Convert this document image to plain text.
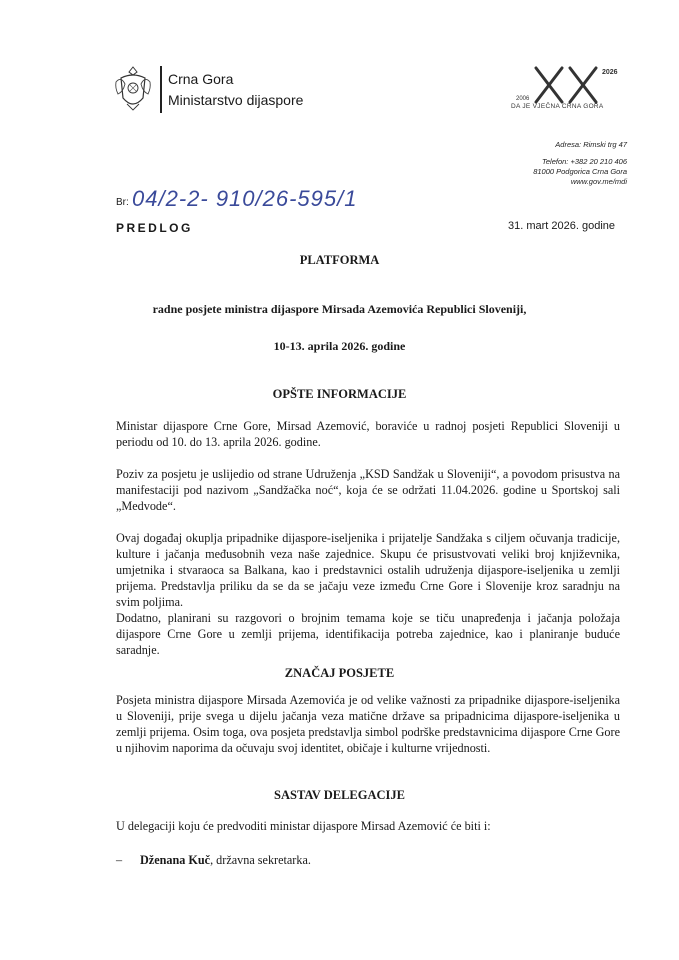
Crna Gora
Ministarstvo dijaspore
2026
2006
DA JE VJEČNA CRNA GORA
Adresa: Rimski trg 47
Telefon: +382 20 210 406
81000 Podgorica Crna Gora
www.gov.me/mdi
Br: 04/2-2- 910/26-595/1
PREDLOG	31. mart 2026. godine
PLATFORMA
radne posjete ministra dijaspore Mirsada Azemovića Republici Sloveniji,
10-13. aprila 2026. godine
OPŠTE INFORMACIJE
Ministar dijaspore Crne Gore, Mirsad Azemović, boraviće u radnoj posjeti Republici Sloveniji u periodu od 10. do 13. aprila 2026. godine.
Poziv za posjetu je uslijedio od strane Udruženja „KSD Sandžak u Sloveniji“, a povodom prisustva na manifestaciji pod nazivom „Sandžačka noć“, koja će se održati 11.04.2026. godine u Sportskoj sali „Medvode“.
Ovaj događaj okuplja pripadnike dijaspore-iseljenika i prijatelje Sandžaka s ciljem očuvanja tradicije, kulture i jačanja međusobnih veza naše zajednice. Skupu će prisustvovati veliki broj književnika, umjetnika i stvaraoca sa Balkana, kao i predstavnici ostalih udruženja dijaspore-iseljenika u zemlji prijema. Predstavlja priliku da se da se jačaju veze između Crne Gore i Slovenije kroz saradnju na svim poljima.
Dodatno, planirani su razgovori o brojnim temama koje se tiču unapređenja i jačanja položaja dijaspore Crne Gore u zemlji prijema, identifikacija potreba zajednice, kao i planiranje buduće saradnje.
ZNAČAJ POSJETE
Posjeta ministra dijaspore Mirsada Azemovića je od velike važnosti za pripadnike dijaspore-iseljenika u Sloveniji, prije svega u dijelu jačanja veza matične države sa pripadnicima dijaspore-iseljenika u zemlji prijema. Osim toga, ova posjeta predstavlja simbol podrške predstavnicima dijaspore Crne Gore u njihovim naporima da očuvaju svoj identitet, običaje i kulturne vrijednosti.
SASTAV DELEGACIJE
U delegaciji koju će predvoditi ministar dijaspore Mirsad Azemović će biti i:
– Dženana Kuč, državna sekretarka.
